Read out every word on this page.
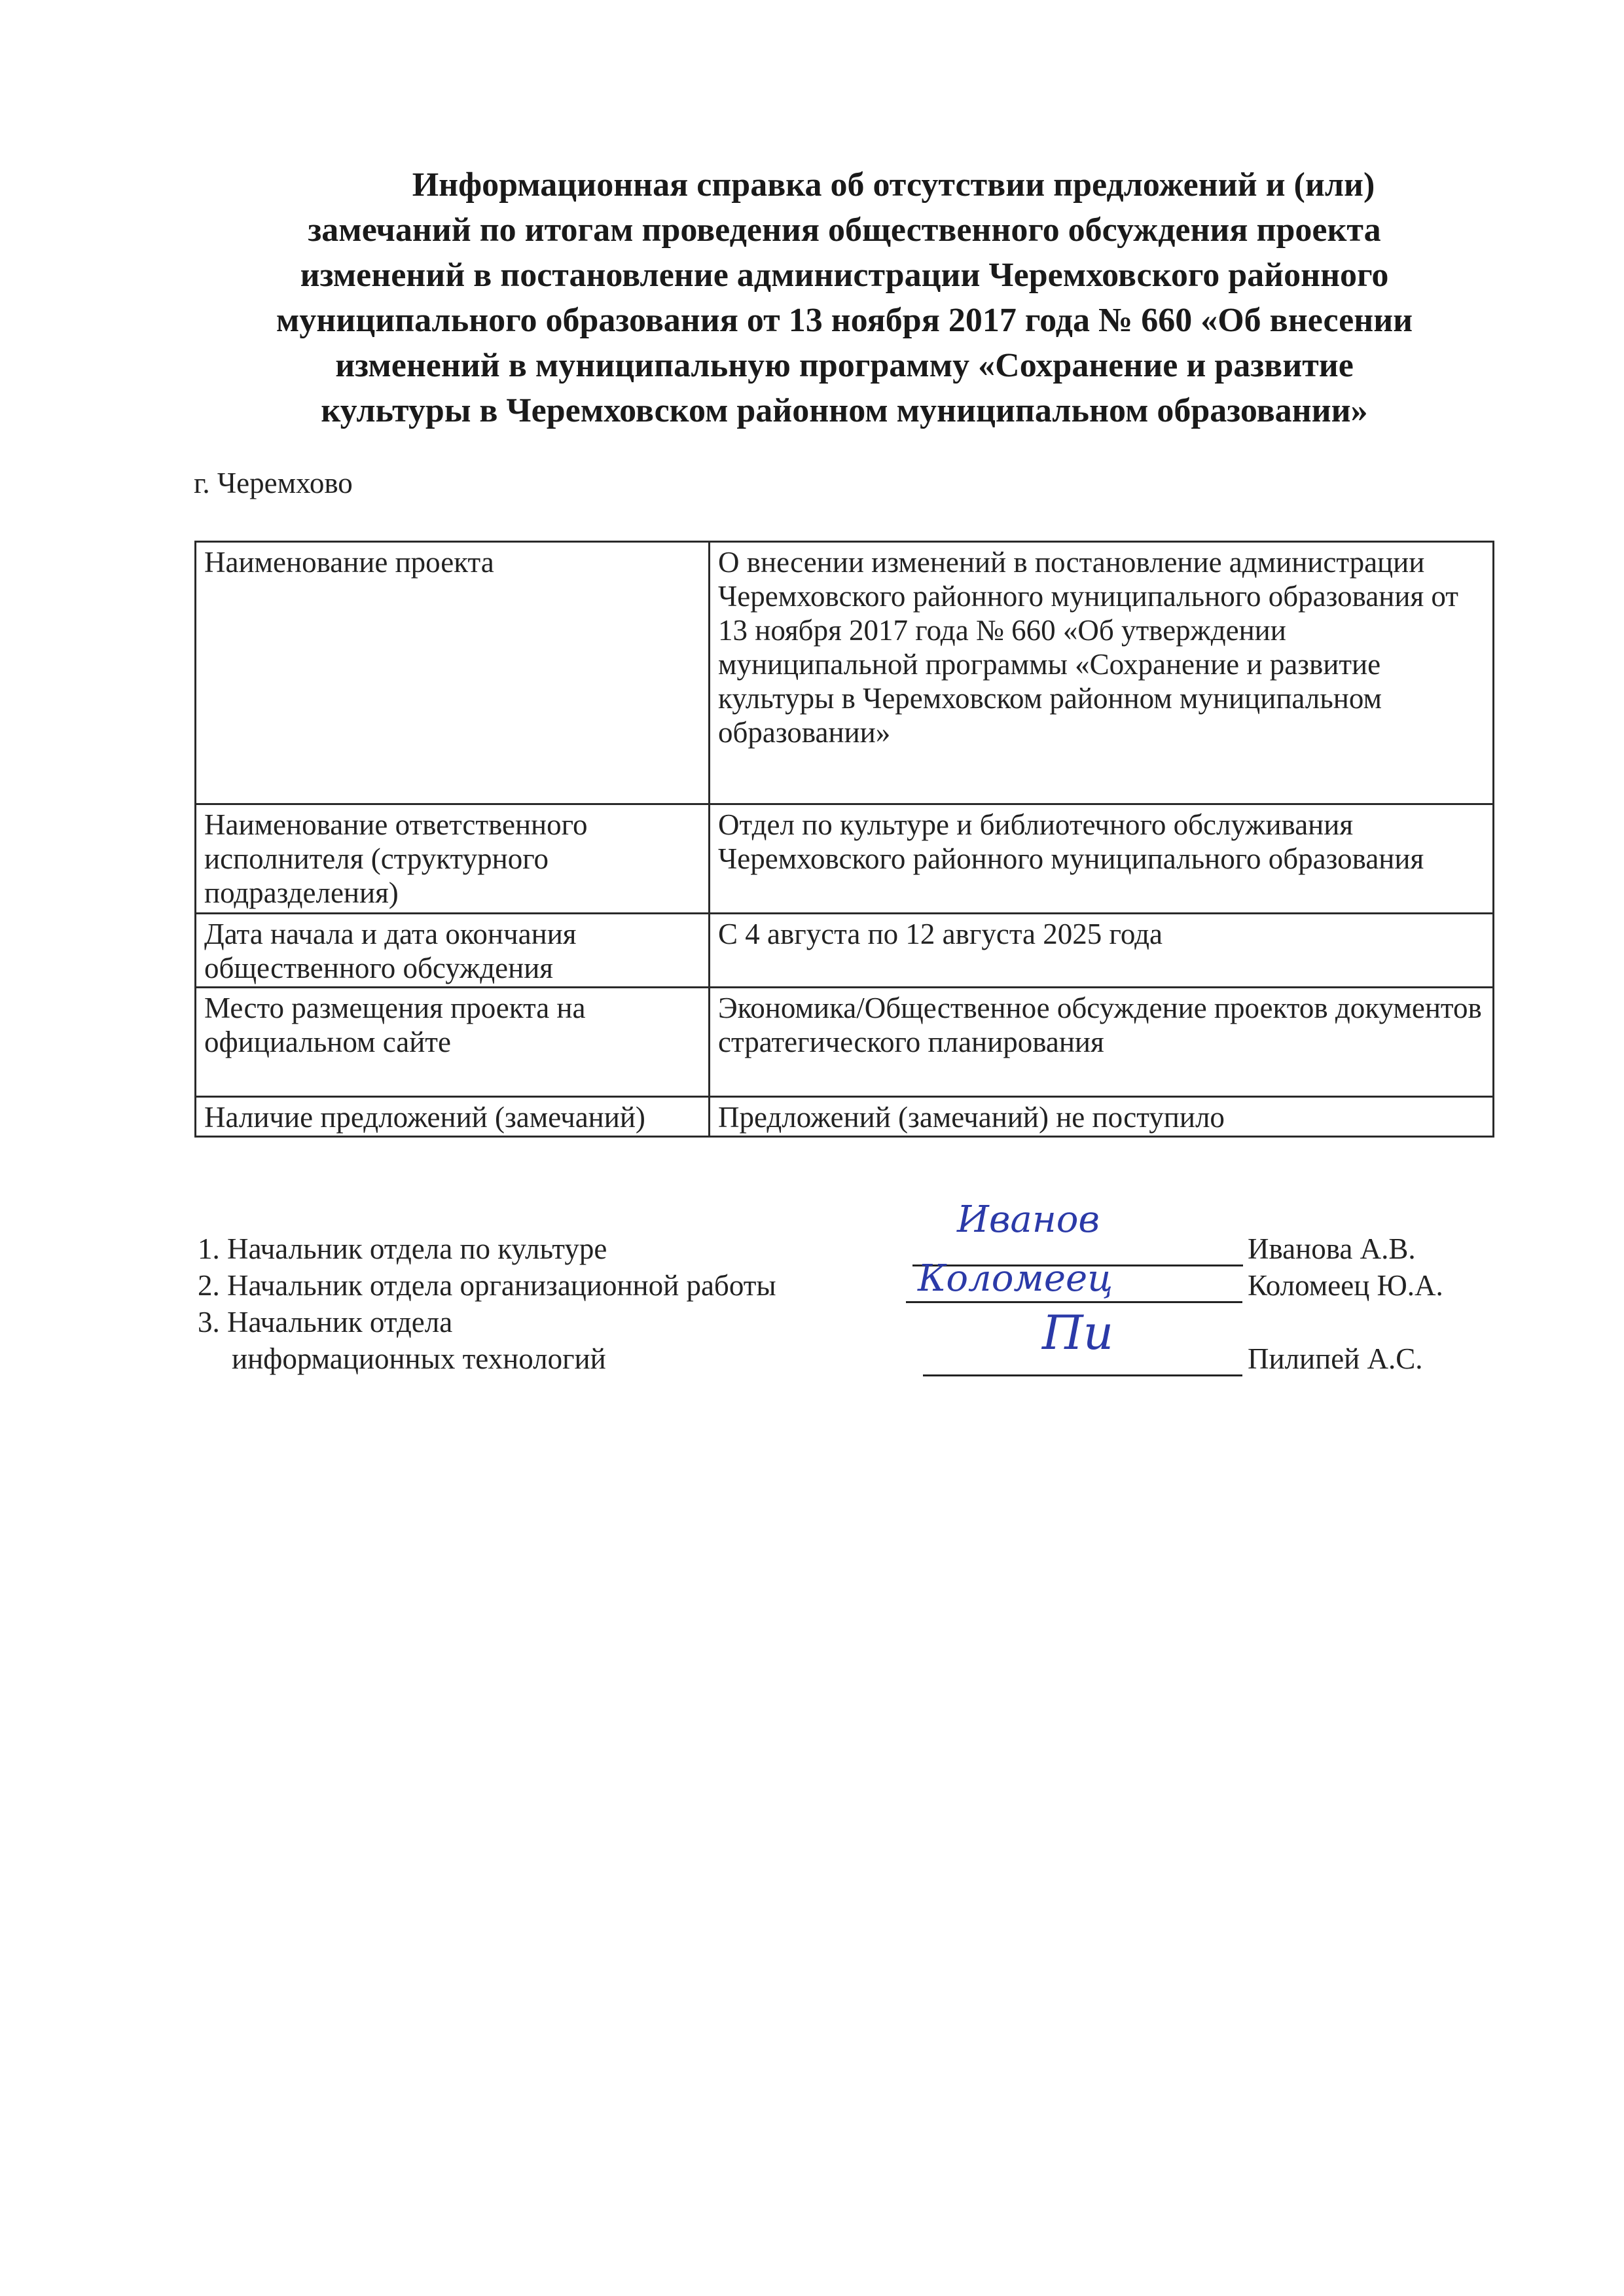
Информационная справка об отсутствии предложений и (или)
замечаний по итогам проведения общественного обсуждения проекта
изменений в постановление администрации Черемховского районного
муниципального образования от 13 ноября 2017 года № 660 «Об внесении
изменений в муниципальную программу «Сохранение и развитие
культуры в Черемховском районном муниципальном образовании»
г. Черемхово
Наименование проекта	О внесении изменений в постановление администрации Черемховского районного муниципального образования от 13 ноября 2017 года № 660 «Об утверждении муниципальной программы «Сохранение и развитие культуры в Черемховском районном муниципальном образовании»
Наименование ответственного исполнителя (структурного подразделения)	Отдел по культуре и библиотечного обслуживания Черемховского районного муниципального образования
Дата начала и дата окончания общественного обсуждения	С 4 августа по 12 августа 2025 года
Место размещения проекта на официальном сайте	Экономика/Общественное обсуждение проектов документов стратегического планирования
Наличие предложений (замечаний)	Предложений (замечаний) не поступило
1. Начальник отдела по культуре
Иванов
Иванова А.В.
2. Начальник отдела организационной работы	Коломеец	Коломеец Ю.А.
3. Начальник отдела
информационных технологий	Пи	Пилипей А.С.
